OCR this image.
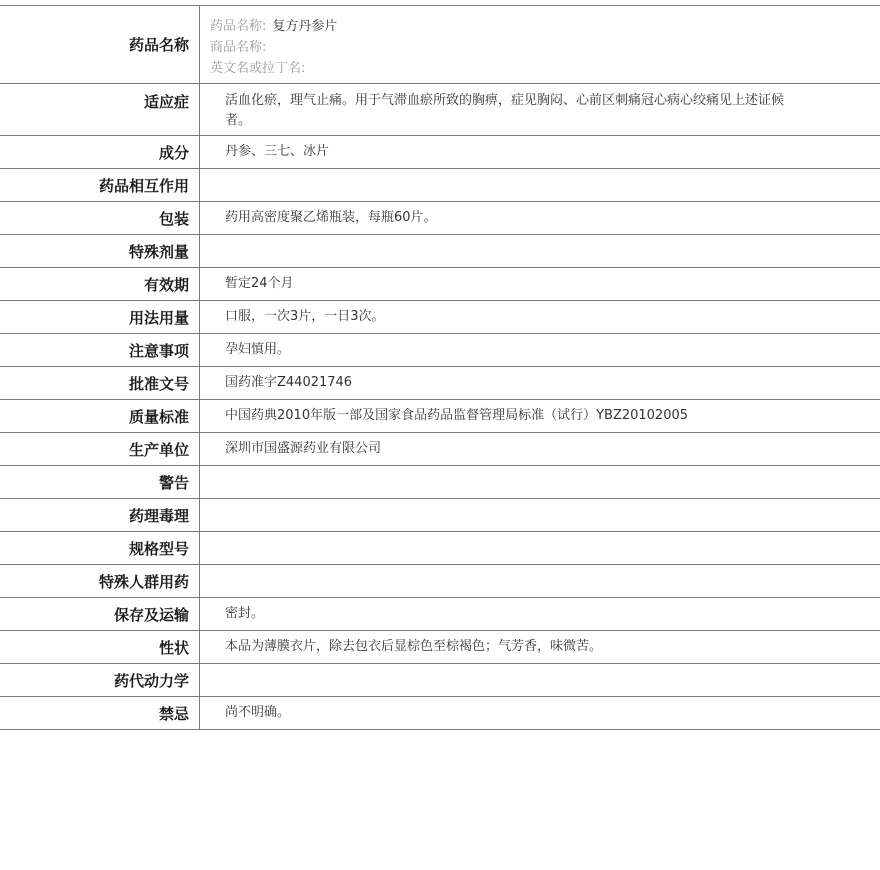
药品名称
药品名称: 复方丹参片
商品名称:
英文名或拉丁名:
适应症	活血化瘀，理气止痛。用于气滞血瘀所致的胸痹，症见胸闷、心前区刺痛冠心病心绞痛见上述证候者。
成分	丹参、三七、冰片
药品相互作用
包装	药用高密度聚乙烯瓶装，每瓶60片。
特殊剂量
有效期	暂定24个月
用法用量	口服，一次3片，一日3次。
注意事项	孕妇慎用。
批准文号	国药准字Z44021746
质量标准	中国药典2010年版一部及国家食品药品监督管理局标准（试行）YBZ20102005
生产单位	深圳市国盛源药业有限公司
警告
药理毒理
规格型号
特殊人群用药
保存及运输	密封。
性状	本品为薄膜衣片，除去包衣后显棕色至棕褐色；气芳香，味微苦。
药代动力学
禁忌	尚不明确。
